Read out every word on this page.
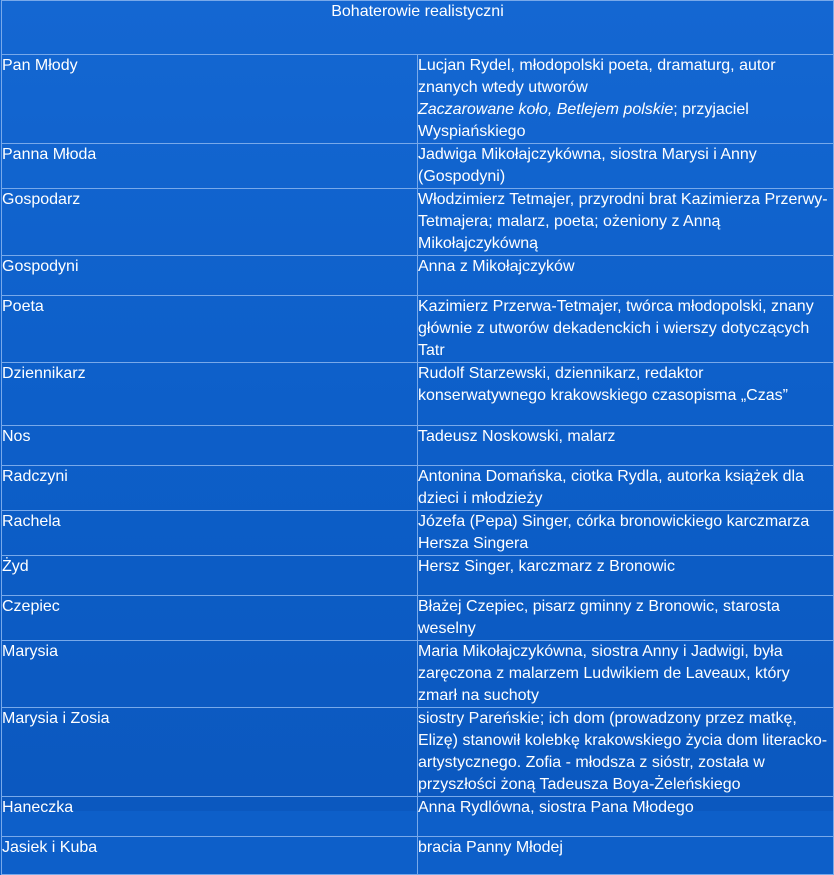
Bohaterowie realistyczni	
Pan Młody	Lucjan Rydel, młodopolski poeta, dramaturg, autor znanych wtedy utworów
Zaczarowane koło, Betlejem polskie; przyjaciel Wyspiańskiego
Panna Młoda	Jadwiga Mikołajczykówna, siostra Marysi i Anny (Gospodyni)
Gospodarz	Włodzimierz Tetmajer, przyrodni brat Kazimierza Przerwy-Tetmajera; malarz, poeta; ożeniony z Anną Mikołajczykówną
Gospodyni	Anna z Mikołajczyków
Poeta	Kazimierz Przerwa-Tetmajer, twórca młodopolski, znany głównie z utworów dekadenckich i wierszy dotyczących Tatr
Dziennikarz	Rudolf Starzewski, dziennikarz, redaktor konserwatywnego krakowskiego czasopisma „Czas”
Nos	Tadeusz Noskowski, malarz
Radczyni	Antonina Domańska, ciotka Rydla, autorka książek dla dzieci i młodzieży
Rachela	Józefa (Pepa) Singer, córka bronowickiego karczmarza Hersza Singera
Żyd	Hersz Singer, karczmarz z Bronowic
Czepiec	Błażej Czepiec, pisarz gminny z Bronowic, starosta weselny
Marysia	Maria Mikołajczykówna, siostra Anny i Jadwigi, była zaręczona z malarzem Ludwikiem de Laveaux, który zmarł na suchoty
Marysia i Zosia	siostry Pareńskie; ich dom (prowadzony przez matkę, Elizę) stanowił kolebkę krakowskiego życia dom literacko-artystycznego. Zofia - młodsza z sióstr, została w przyszłości żoną Tadeusza Boya-Żeleńskiego
Haneczka	Anna Rydlówna, siostra Pana Młodego
Jasiek i Kuba	bracia Panny Młodej
